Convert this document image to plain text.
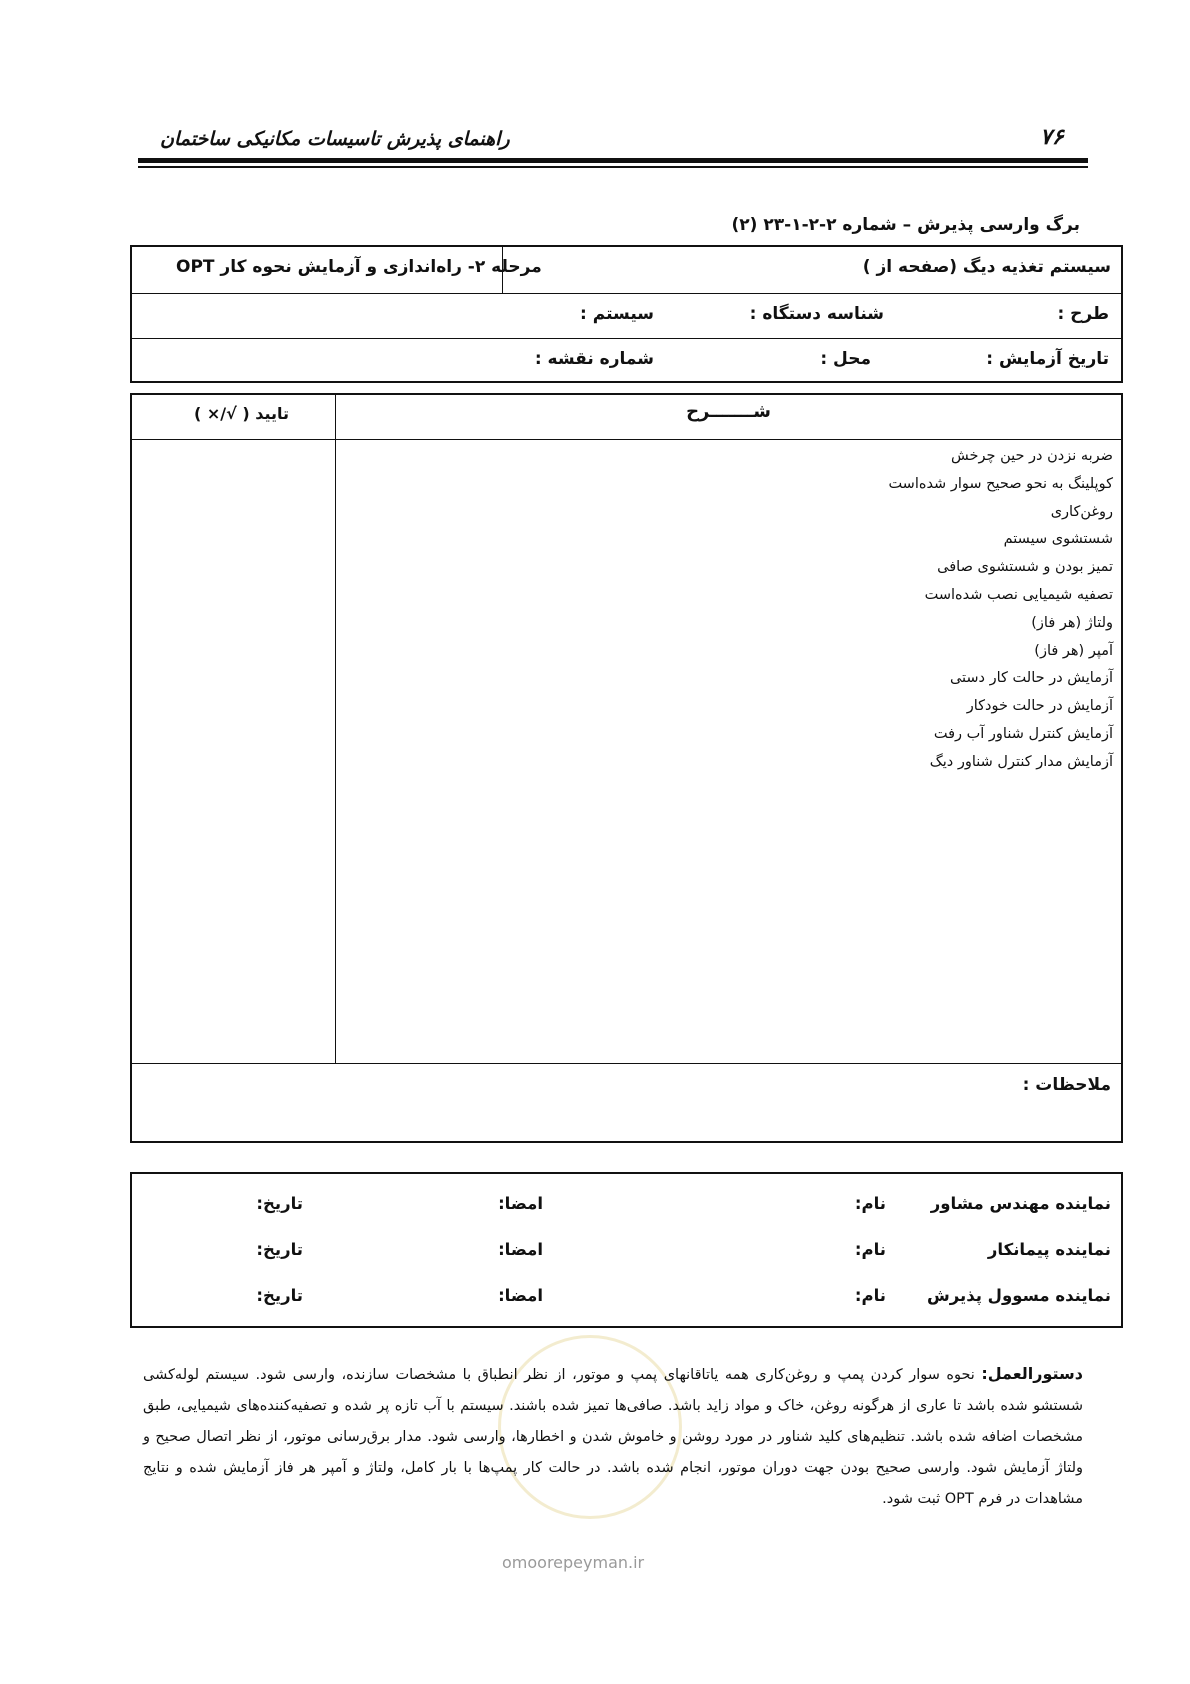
راهنمای پذیرش تاسیسات مکانیکی ساختمان	۷۶
برگ وارسی پذیرش – شماره ۲-۲-۱-۲۳ (۲)
سیستم تغذیه دیگ (صفحه از )
مرحله ۲- راه‌اندازی و آزمایش نحوه کار OPT
طرح :
شناسه دستگاه :
سیستم :
تاریخ آزمایش :
محل :
شماره نقشه :
شـــــــرح
تایید ( √/× )
ضربه نزدن در حین چرخش
کوپلینگ به نحو صحیح سوار شده‌است
روغن‌کاری
شستشوی سیستم
تمیز بودن و شستشوی صافی
تصفیه شیمیایی نصب شده‌است
ولتاژ (هر فاز)
آمپر (هر فاز)
آزمایش در حالت کار دستی
آزمایش در حالت خودکار
آزمایش کنترل شناور آب رفت
آزمایش مدار کنترل شناور دیگ
ملاحظات :
نماینده مهندس مشاور
نام:
امضا:
تاریخ:
نماینده پیمانکار
نام:
امضا:
تاریخ:
نماینده مسوول پذیرش
نام:
امضا:
تاریخ:
دستورالعمل: نحوه سوار کردن پمپ و روغن‌کاری همه یاتاقانهای پمپ و موتور، از نظر انطباق با مشخصات سازنده، وارسی شود. سیستم لوله‌کشی شستشو شده باشد تا عاری از هرگونه روغن، خاک و مواد زاید باشد. صافی‌ها تمیز شده باشند. سیستم با آب تازه پر شده و تصفیه‌کننده‌های شیمیایی، طبق مشخصات اضافه شده باشد. تنظیم‌های کلید شناور در مورد روشن و خاموش شدن و اخطارها، وارسی شود. مدار برق‌رسانی موتور، از نظر اتصال صحیح و ولتاژ آزمایش شود. وارسی صحیح بودن جهت دوران موتور، انجام شده باشد. در حالت کار پمپ‌ها با بار کامل، ولتاژ و آمپر هر فاز آزمایش شده و نتایج مشاهدات در فرم OPT ثبت شود.
omoorepeyman.ir
